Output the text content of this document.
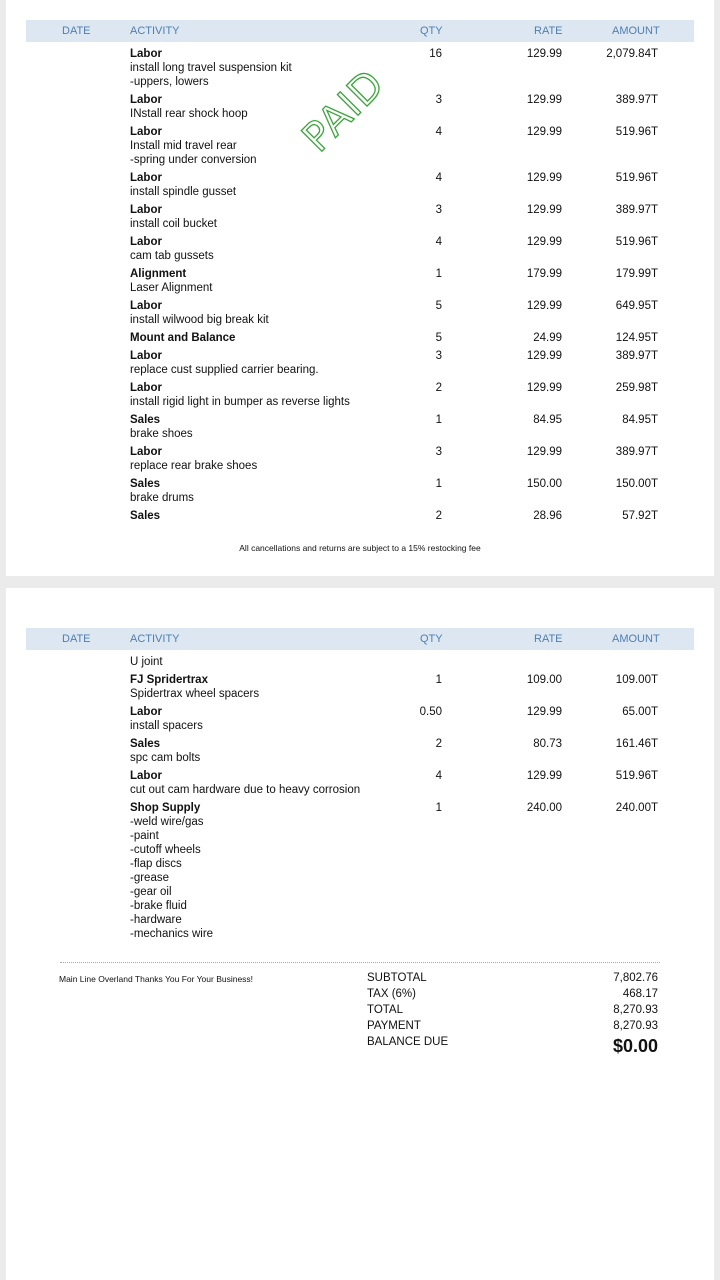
DATE	ACTIVITY	QTY	RATE	AMOUNT
Labor	16	129.99	2,079.84T
install long travel suspension kit
-uppers, lowers
Labor	3	129.99	389.97T
INstall rear shock hoop
Labor	4	129.99	519.96T
Install mid travel rear
-spring under conversion
Labor	4	129.99	519.96T
install spindle gusset
Labor	3	129.99	389.97T
install coil bucket
Labor	4	129.99	519.96T
cam tab gussets
Alignment	1	179.99	179.99T
Laser Alignment
Labor	5	129.99	649.95T
install wilwood big break kit
Mount and Balance	5	24.99	124.95T
Labor	3	129.99	389.97T
replace cust supplied carrier bearing.
Labor	2	129.99	259.98T
install rigid light in bumper as reverse lights
Sales	1	84.95	84.95T
brake shoes
Labor	3	129.99	389.97T
replace rear brake shoes
Sales	1	150.00	150.00T
brake drums
Sales	2	28.96	57.92T
PAID
All cancellations and returns are subject to a 15% restocking fee
DATE	ACTIVITY	QTY	RATE	AMOUNT
U joint
FJ Spridertrax	1	109.00	109.00T
Spidertrax wheel spacers
Labor	0.50	129.99	65.00T
install spacers
Sales	2	80.73	161.46T
spc cam bolts
Labor	4	129.99	519.96T
cut out cam hardware due to heavy corrosion
Shop Supply	1	240.00	240.00T
-weld wire/gas
-paint
-cutoff wheels
-flap discs
-grease
-gear oil
-brake fluid
-hardware
-mechanics wire
Main Line Overland Thanks You For Your Business!	SUBTOTAL	7,802.76
TAX (6%)	468.17
TOTAL	8,270.93
PAYMENT	8,270.93
BALANCE DUE	$0.00
